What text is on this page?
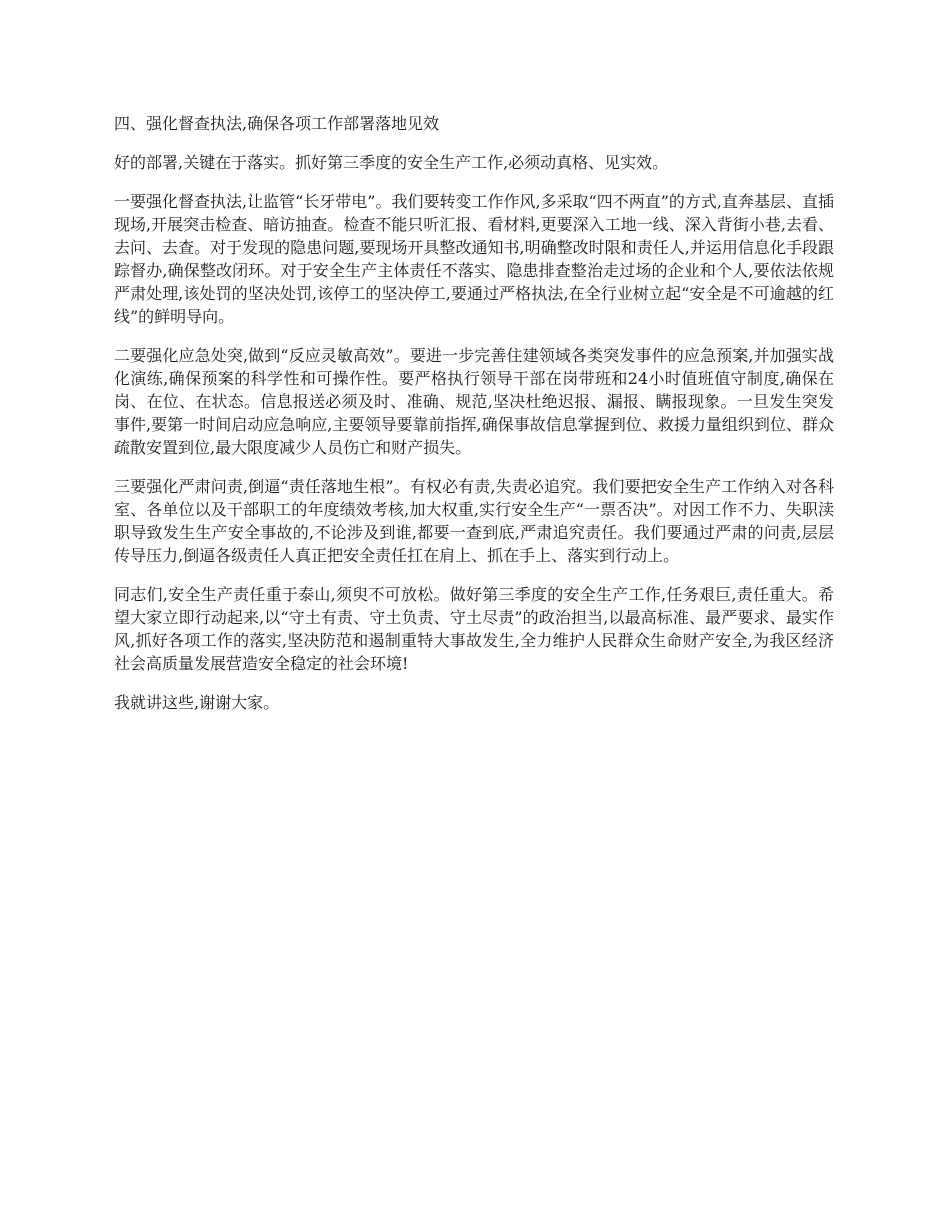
四、强化督查执法,确保各项工作部署落地见效

好的部署,关键在于落实。抓好第三季度的安全生产工作,必须动真格、见实效。

一要强化督查执法,让监管“长牙带电”。我们要转变工作作风,多采取“四不两直”的方式,直奔基层、直插现场,开展突击检查、暗访抽查。检查不能只听汇报、看材料,更要深入工地一线、深入背街小巷,去看、去问、去查。对于发现的隐患问题,要现场开具整改通知书,明确整改时限和责任人,并运用信息化手段跟踪督办,确保整改闭环。对于安全生产主体责任不落实、隐患排查整治走过场的企业和个人,要依法依规严肃处理,该处罚的坚决处罚,该停工的坚决停工,要通过严格执法,在全行业树立起“安全是不可逾越的红线”的鲜明导向。

二要强化应急处突,做到“反应灵敏高效”。要进一步完善住建领域各类突发事件的应急预案,并加强实战化演练,确保预案的科学性和可操作性。要严格执行领导干部在岗带班和24小时值班值守制度,确保在岗、在位、在状态。信息报送必须及时、准确、规范,坚决杜绝迟报、漏报、瞒报现象。一旦发生突发事件,要第一时间启动应急响应,主要领导要靠前指挥,确保事故信息掌握到位、救援力量组织到位、群众疏散安置到位,最大限度减少人员伤亡和财产损失。

三要强化严肃问责,倒逼“责任落地生根”。有权必有责,失责必追究。我们要把安全生产工作纳入对各科室、各单位以及干部职工的年度绩效考核,加大权重,实行安全生产“一票否决”。对因工作不力、失职渎职导致发生生产安全事故的,不论涉及到谁,都要一查到底,严肃追究责任。我们要通过严肃的问责,层层传导压力,倒逼各级责任人真正把安全责任扛在肩上、抓在手上、落实到行动上。

同志们,安全生产责任重于泰山,须臾不可放松。做好第三季度的安全生产工作,任务艰巨,责任重大。希望大家立即行动起来,以“守土有责、守土负责、守土尽责”的政治担当,以最高标准、最严要求、最实作风,抓好各项工作的落实,坚决防范和遏制重特大事故发生,全力维护人民群众生命财产安全,为我区经济社会高质量发展营造安全稳定的社会环境!

我就讲这些,谢谢大家。
